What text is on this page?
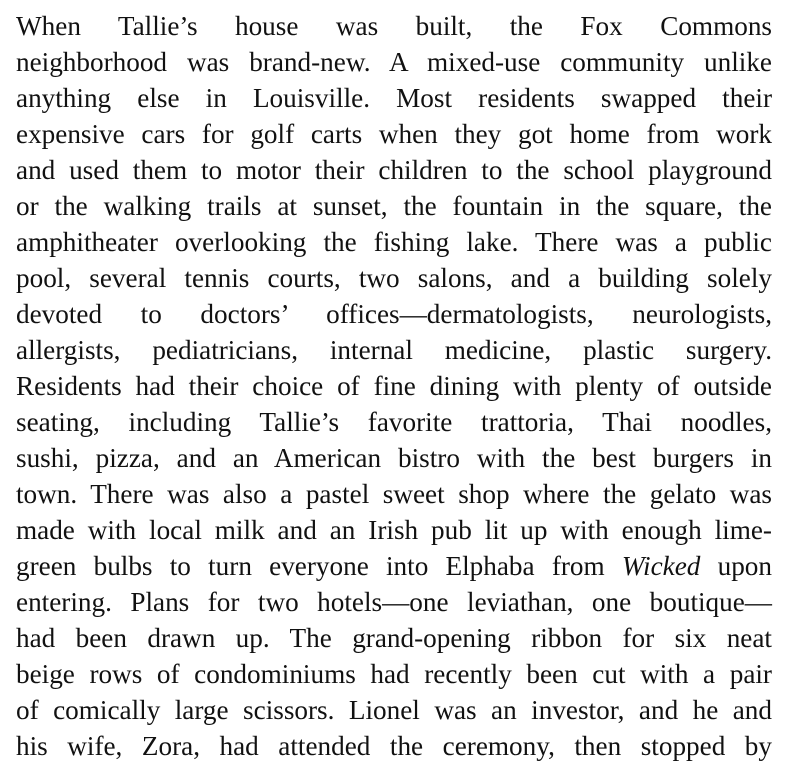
When Tallie’s house was built, the Fox Commons
neighborhood was brand-new. A mixed-use community unlike
anything else in Louisville. Most residents swapped their
expensive cars for golf carts when they got home from work
and used them to motor their children to the school playground
or the walking trails at sunset, the fountain in the square, the
amphitheater overlooking the fishing lake. There was a public
pool, several tennis courts, two salons, and a building solely
devoted to doctors’ offices—dermatologists, neurologists,
allergists, pediatricians, internal medicine, plastic surgery.
Residents had their choice of fine dining with plenty of outside
seating, including Tallie’s favorite trattoria, Thai noodles,
sushi, pizza, and an American bistro with the best burgers in
town. There was also a pastel sweet shop where the gelato was
made with local milk and an Irish pub lit up with enough lime-
green bulbs to turn everyone into Elphaba from Wicked upon
entering. Plans for two hotels—one leviathan, one boutique—
had been drawn up. The grand-opening ribbon for six neat
beige rows of condominiums had recently been cut with a pair
of comically large scissors. Lionel was an investor, and he and
his wife, Zora, had attended the ceremony, then stopped by
